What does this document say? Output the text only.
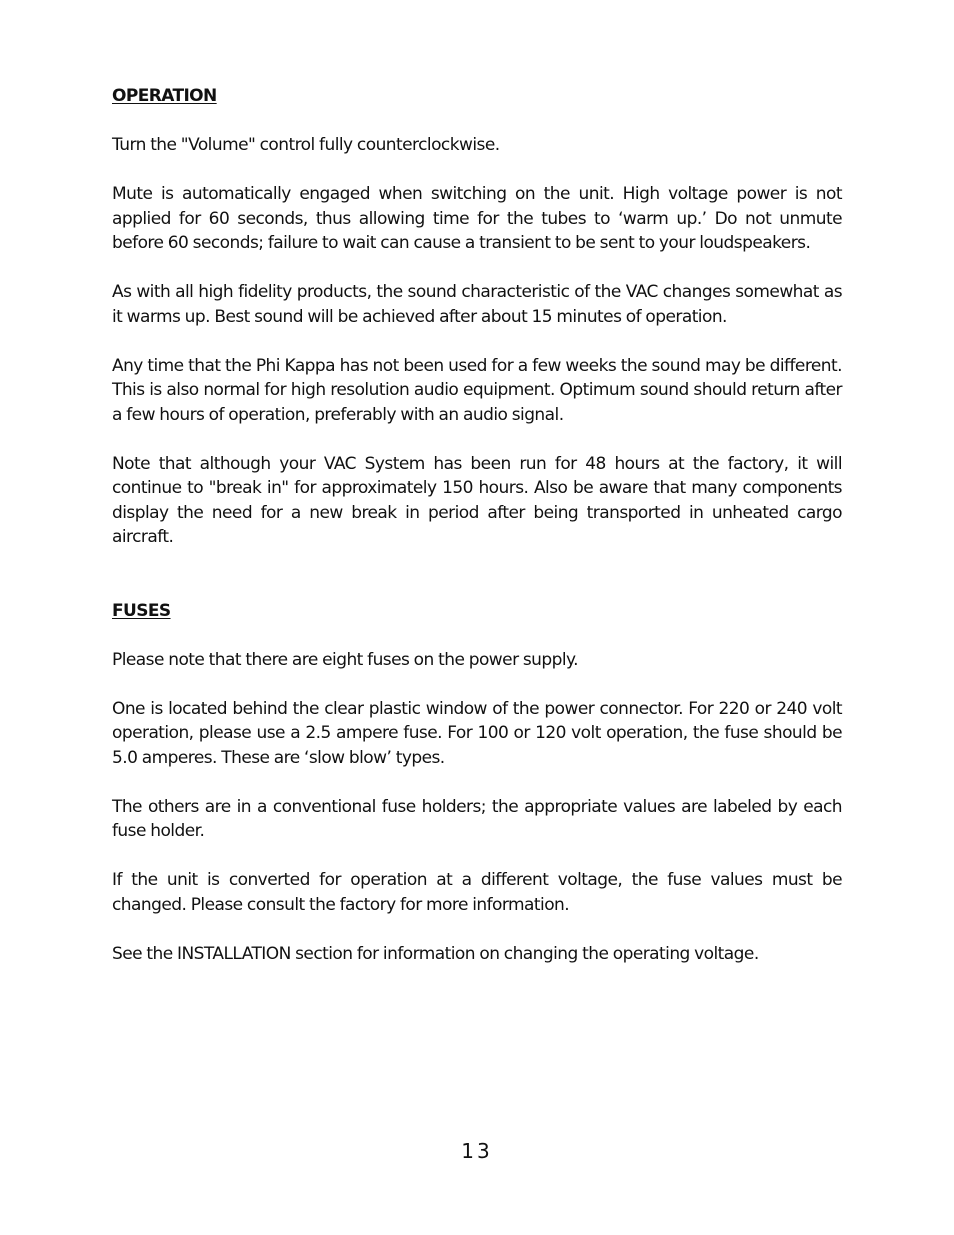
OPERATION

Turn the "Volume" control fully counterclockwise.

Mute is automatically engaged when switching on the unit. High voltage power is not applied for 60 seconds, thus allowing time for the tubes to ‘warm up.’ Do not unmute before 60 seconds; failure to wait can cause a transient to be sent to your loudspeakers.

As with all high fidelity products, the sound characteristic of the VAC changes somewhat as it warms up. Best sound will be achieved after about 15 minutes of operation.

Any time that the Phi Kappa has not been used for a few weeks the sound may be different. This is also normal for high resolution audio equipment. Optimum sound should return after a few hours of operation, preferably with an audio signal.

Note that although your VAC System has been run for 48 hours at the factory, it will continue to "break in" for approximately 150 hours. Also be aware that many components display the need for a new break in period after being transported in unheated cargo aircraft.

FUSES

Please note that there are eight fuses on the power supply.

One is located behind the clear plastic window of the power connector. For 220 or 240 volt operation, please use a 2.5 ampere fuse. For 100 or 120 volt operation, the fuse should be 5.0 amperes. These are ‘slow blow’ types.

The others are in a conventional fuse holders; the appropriate values are labeled by each fuse holder.

If the unit is converted for operation at a different voltage, the fuse values must be changed. Please consult the factory for more information.

See the INSTALLATION section for information on changing the operating voltage.

13
